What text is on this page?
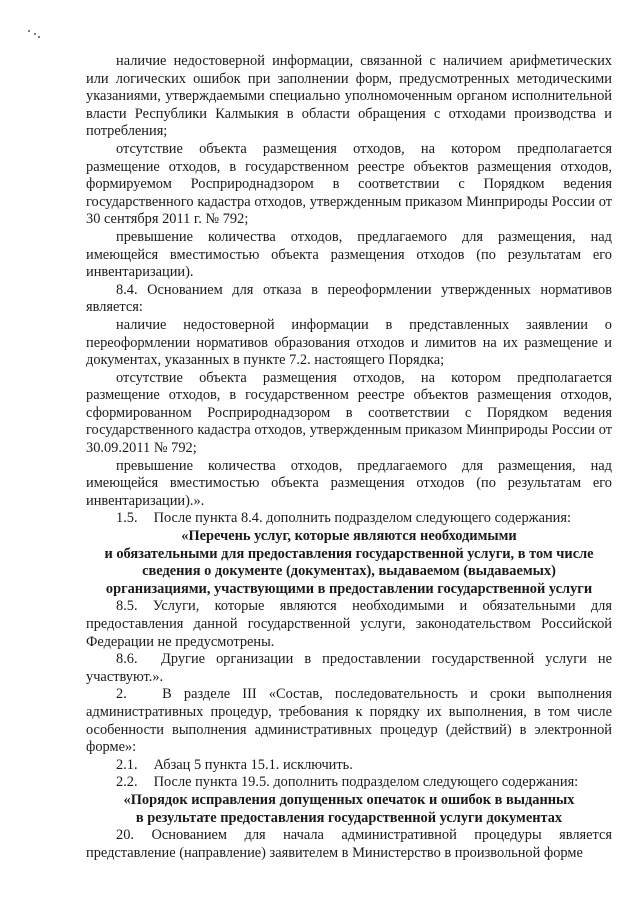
наличие недостоверной информации, связанной с наличием арифметических или логических ошибок при заполнении форм, предусмотренных методическими указаниями, утверждаемыми специально уполномоченным органом исполнительной власти Республики Калмыкия в области обращения с отходами производства и потребления;

отсутствие объекта размещения отходов, на котором предполагается размещение отходов, в государственном реестре объектов размещения отходов, формируемом Росприроднадзором в соответствии с Порядком ведения государственного кадастра отходов, утвержденным приказом Минприроды России от 30 сентября 2011 г. № 792;

превышение количества отходов, предлагаемого для размещения, над имеющейся вместимостью объекта размещения отходов (по результатам его инвентаризации).

8.4. Основанием для отказа в переоформлении утвержденных нормативов является:

наличие недостоверной информации в представленных заявлении о переоформлении нормативов образования отходов и лимитов на их размещение и документах, указанных в пункте 7.2. настоящего Порядка;

отсутствие объекта размещения отходов, на котором предполагается размещение отходов, в государственном реестре объектов размещения отходов, сформированном Росприроднадзором в соответствии с Порядком ведения государственного кадастра отходов, утвержденным приказом Минприроды России от 30.09.2011 № 792;

превышение количества отходов, предлагаемого для размещения, над имеющейся вместимостью объекта размещения отходов (по результатам его инвентаризации).».

1.5. После пункта 8.4. дополнить подразделом следующего содержания:

«Перечень услуг, которые являются необходимыми
и обязательными для предоставления государственной услуги, в том числе
сведения о документе (документах), выдаваемом (выдаваемых)
организациями, участвующими в предоставлении государственной услуги

8.5. Услуги, которые являются необходимыми и обязательными для предоставления данной государственной услуги, законодательством Российской Федерации не предусмотрены.

8.6. Другие организации в предоставлении государственной услуги не участвуют.».

2. В разделе III «Состав, последовательность и сроки выполнения административных процедур, требования к порядку их выполнения, в том числе особенности выполнения административных процедур (действий) в электронной форме»:

2.1. Абзац 5 пункта 15.1. исключить.

2.2. После пункта 19.5. дополнить подразделом следующего содержания:

«Порядок исправления допущенных опечаток и ошибок в выданных
в результате предоставления государственной услуги документах

20. Основанием для начала административной процедуры является представление (направление) заявителем в Министерство в произвольной форме
